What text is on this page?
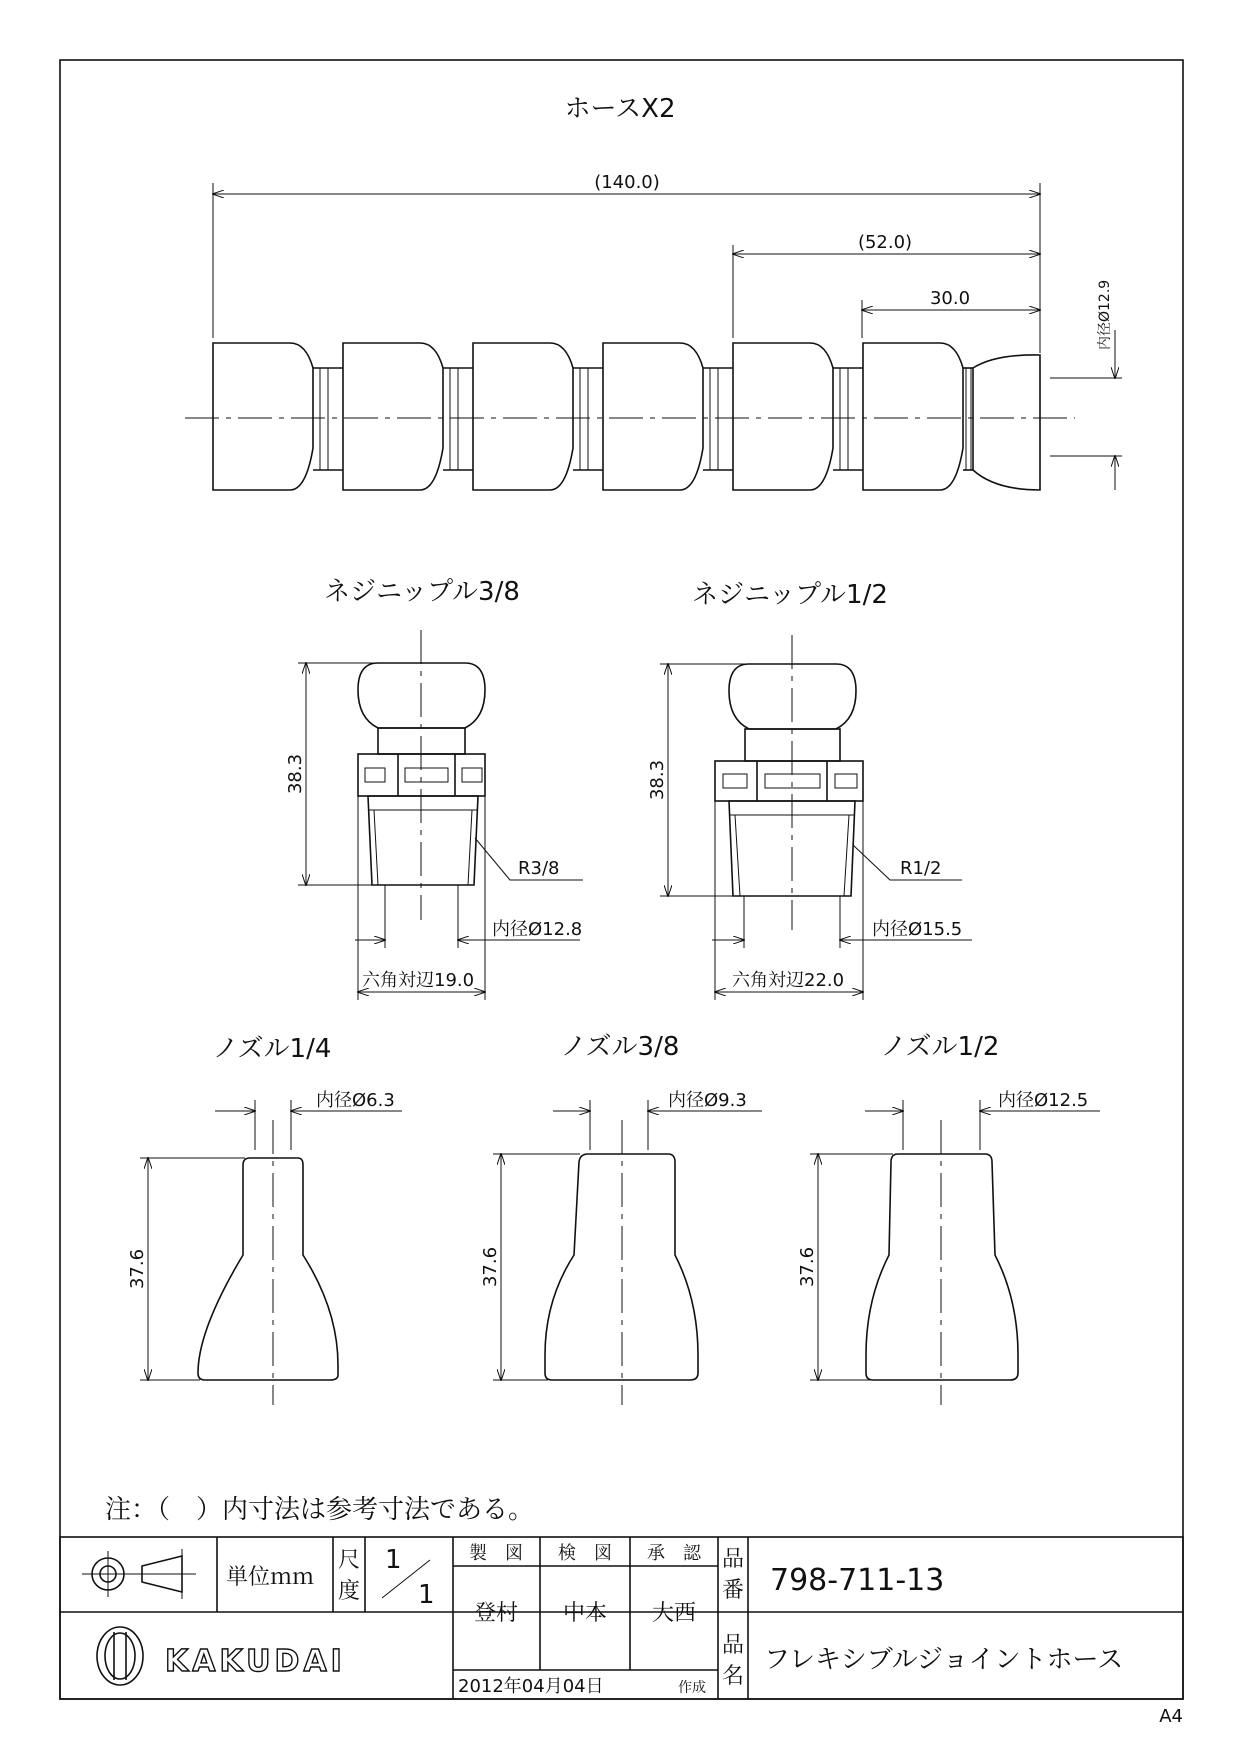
ホースX2
(140.0)
(52.0)
30.0	内径Ø12.9
ネジニップル3/8
38.3
R3/8
内径Ø12.8
六角対辺19.0
ネジニップル1/2
38.3
R1/2
内径Ø15.5
六角対辺22.0
ノズル1/4
内径Ø6.3
37.6
ノズル3/8
内径Ø9.3
37.6
ノズル1/2
内径Ø12.5
37.6
注：（　）内寸法は参考寸法である。
単位ｍｍ
尺
度
1
1
製　図 検　図 承　認
登村 中本 大西
品
番 798-711-13
品
名
フレキシブルジョイントホース
2012年04月04日	作成
KAKUDAI
A4
